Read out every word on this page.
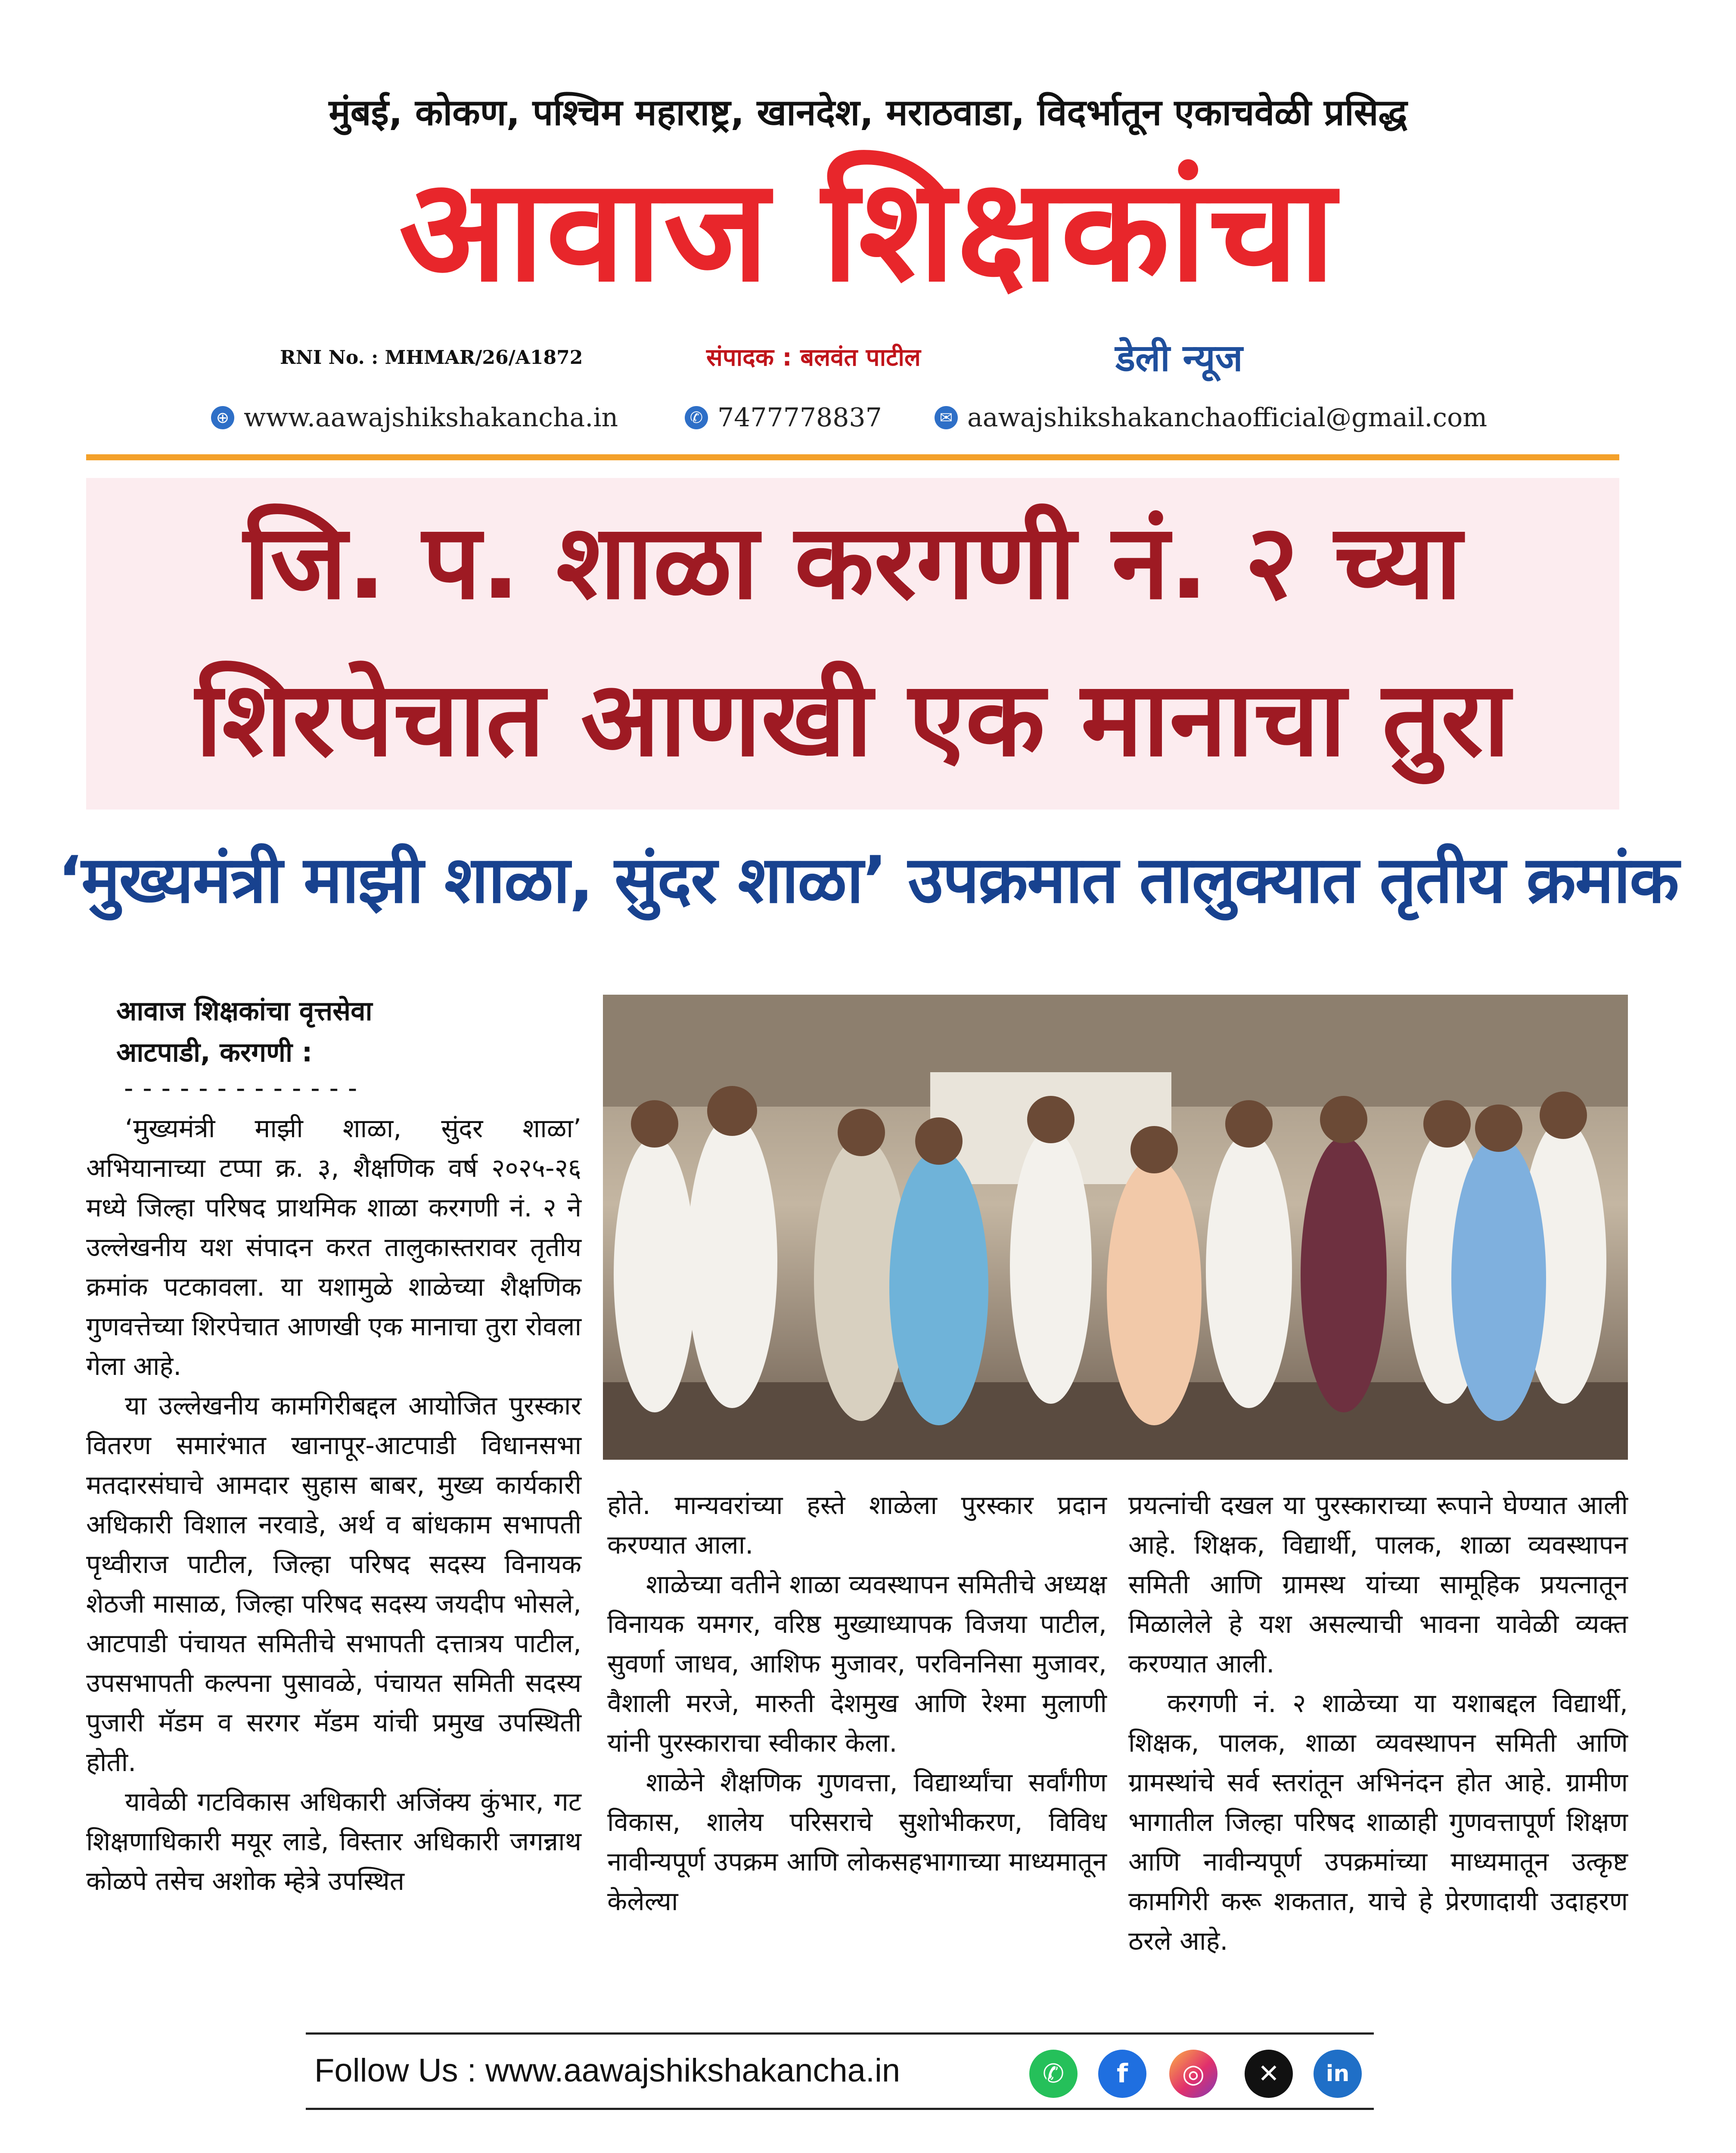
मुंबई, कोकण, पश्चिम महाराष्ट्र, खानदेश, मराठवाडा, विदर्भातून एकाचवेळी प्रसिद्ध
आवाज शिक्षकांचा
RNI No. : MHMAR/26/A1872	संपादक : बलवंत पाटील	डेली न्यूज
⊕ www.aawajshikshakancha.in	✆ 7477778837	✉ aawajshikshakanchaofficial@gmail.com
जि. प. शाळा करगणी नं. २ च्या
शिरपेचात आणखी एक मानाचा तुरा
‘मुख्यमंत्री माझी शाळा, सुंदर शाळा’ उपक्रमात तालुक्यात तृतीय क्रमांक
आवाज शिक्षकांचा वृत्तसेवा
आटपाडी, करगणी :
-------------

‘मुख्यमंत्री माझी शाळा, सुंदर शाळा’ अभियानाच्या टप्पा क्र. ३, शैक्षणिक वर्ष २०२५-२६ मध्ये जिल्हा परिषद प्राथमिक शाळा करगणी नं. २ ने उल्लेखनीय यश संपादन करत तालुकास्तरावर तृतीय क्रमांक पटकावला. या यशामुळे शाळेच्या शैक्षणिक गुणवत्तेच्या शिरपेचात आणखी एक मानाचा तुरा रोवला गेला आहे.

या उल्लेखनीय कामगिरीबद्दल आयोजित पुरस्कार वितरण समारंभात खानापूर-आटपाडी विधानसभा मतदारसंघाचे आमदार सुहास बाबर, मुख्य कार्यकारी अधिकारी विशाल नरवाडे, अर्थ व बांधकाम सभापती पृथ्वीराज पाटील, जिल्हा परिषद सदस्य विनायक शेठजी मासाळ, जिल्हा परिषद सदस्य जयदीप भोसले, आटपाडी पंचायत समितीचे सभापती दत्तात्रय पाटील, उपसभापती कल्पना पुसावळे, पंचायत समिती सदस्य पुजारी मॅडम व सरगर मॅडम यांची प्रमुख उपस्थिती होती.

यावेळी गटविकास अधिकारी अजिंक्य कुंभार, गट शिक्षणाधिकारी मयूर लाडे, विस्तार अधिकारी जगन्नाथ कोळपे तसेच अशोक म्हेत्रे उपस्थित

होते. मान्यवरांच्या हस्ते शाळेला पुरस्कार प्रदान करण्यात आला.

शाळेच्या वतीने शाळा व्यवस्थापन समितीचे अध्यक्ष विनायक यमगर, वरिष्ठ मुख्याध्यापक विजया पाटील, सुवर्णा जाधव, आशिफ मुजावर, परविननिसा मुजावर, वैशाली मरजे, मारुती देशमुख आणि रेश्मा मुलाणी यांनी पुरस्काराचा स्वीकार केला.

शाळेने शैक्षणिक गुणवत्ता, विद्यार्थ्यांचा सर्वांगीण विकास, शालेय परिसराचे सुशोभीकरण, विविध नावीन्यपूर्ण उपक्रम आणि लोकसहभागाच्या माध्यमातून केलेल्या

प्रयत्नांची दखल या पुरस्काराच्या रूपाने घेण्यात आली आहे. शिक्षक, विद्यार्थी, पालक, शाळा व्यवस्थापन समिती आणि ग्रामस्थ यांच्या सामूहिक प्रयत्नातून मिळालेले हे यश असल्याची भावना यावेळी व्यक्त करण्यात आली.

करगणी नं. २ शाळेच्या या यशाबद्दल विद्यार्थी, शिक्षक, पालक, शाळा व्यवस्थापन समिती आणि ग्रामस्थांचे सर्व स्तरांतून अभिनंदन होत आहे. ग्रामीण भागातील जिल्हा परिषद शाळाही गुणवत्तापूर्ण शिक्षण आणि नावीन्यपूर्ण उपक्रमांच्या माध्यमातून उत्कृष्ट कामगिरी करू शकतात, याचे हे प्रेरणादायी उदाहरण ठरले आहे.

Follow Us : www.aawajshikshakancha.in	✆	f	◎	✕	in
